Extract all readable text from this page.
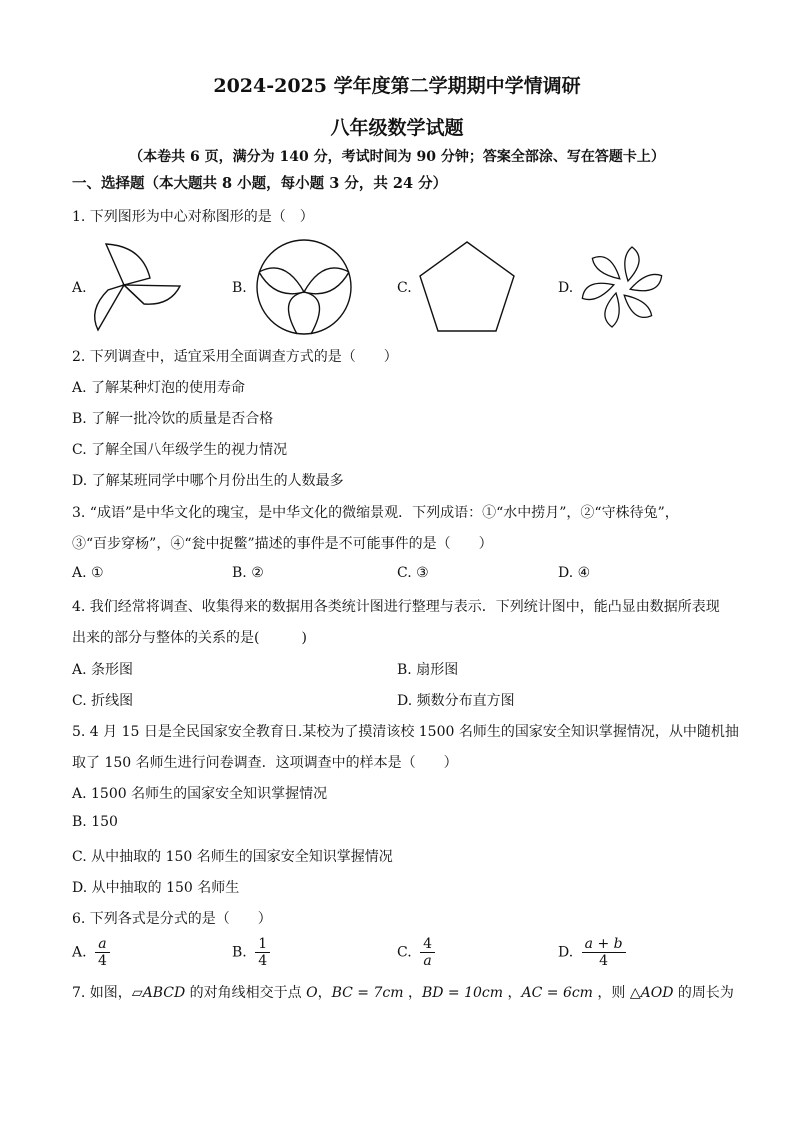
2024-2025 学年度第二学期期中学情调研
八年级数学试题
（本卷共 6 页，满分为 140 分，考试时间为 90 分钟；答案全部涂、写在答题卡上）
一、选择题（本大题共 8 小题，每小题 3 分，共 24 分）
1. 下列图形为中心对称图形的是（　）
A.	B.	C.	D.
2. 下列调查中，适宜采用全面调查方式的是（　　）
A. 了解某种灯泡的使用寿命
B. 了解一批冷饮的质量是否合格
C. 了解全国八年级学生的视力情况
D. 了解某班同学中哪个月份出生的人数最多
3. “成语”是中华文化的瑰宝，是中华文化的微缩景观．下列成语：①“水中捞月”，②“守株待兔”，
③“百步穿杨”，④“瓮中捉鳖”描述的事件是不可能事件的是（　　）
A. ①	B. ②	C. ③	D. ④
4. 我们经常将调查、收集得来的数据用各类统计图进行整理与表示．下列统计图中，能凸显由数据所表现
出来的部分与整体的关系的是(　　　)
A. 条形图	B. 扇形图
C. 折线图	D. 频数分布直方图
5. 4 月 15 日是全民国家安全教育日.某校为了摸清该校 1500 名师生的国家安全知识掌握情况，从中随机抽
取了 150 名师生进行问卷调查．这项调查中的样本是（　　）
A. 1500 名师生的国家安全知识掌握情况
B. 150
C. 从中抽取的 150 名师生的国家安全知识掌握情况
D. 从中抽取的 150 名师生
6. 下列各式是分式的是（　　）
A. $\frac{a}{4}$	B. $\frac{1}{4}$	C. $\frac{4}{a}$	D. $\frac{a + b}{4}$
7. 如图，▱ABCD 的对角线相交于点 O，BC = 7cm ，BD = 10cm ，AC = 6cm ，则 △AOD 的周长为
